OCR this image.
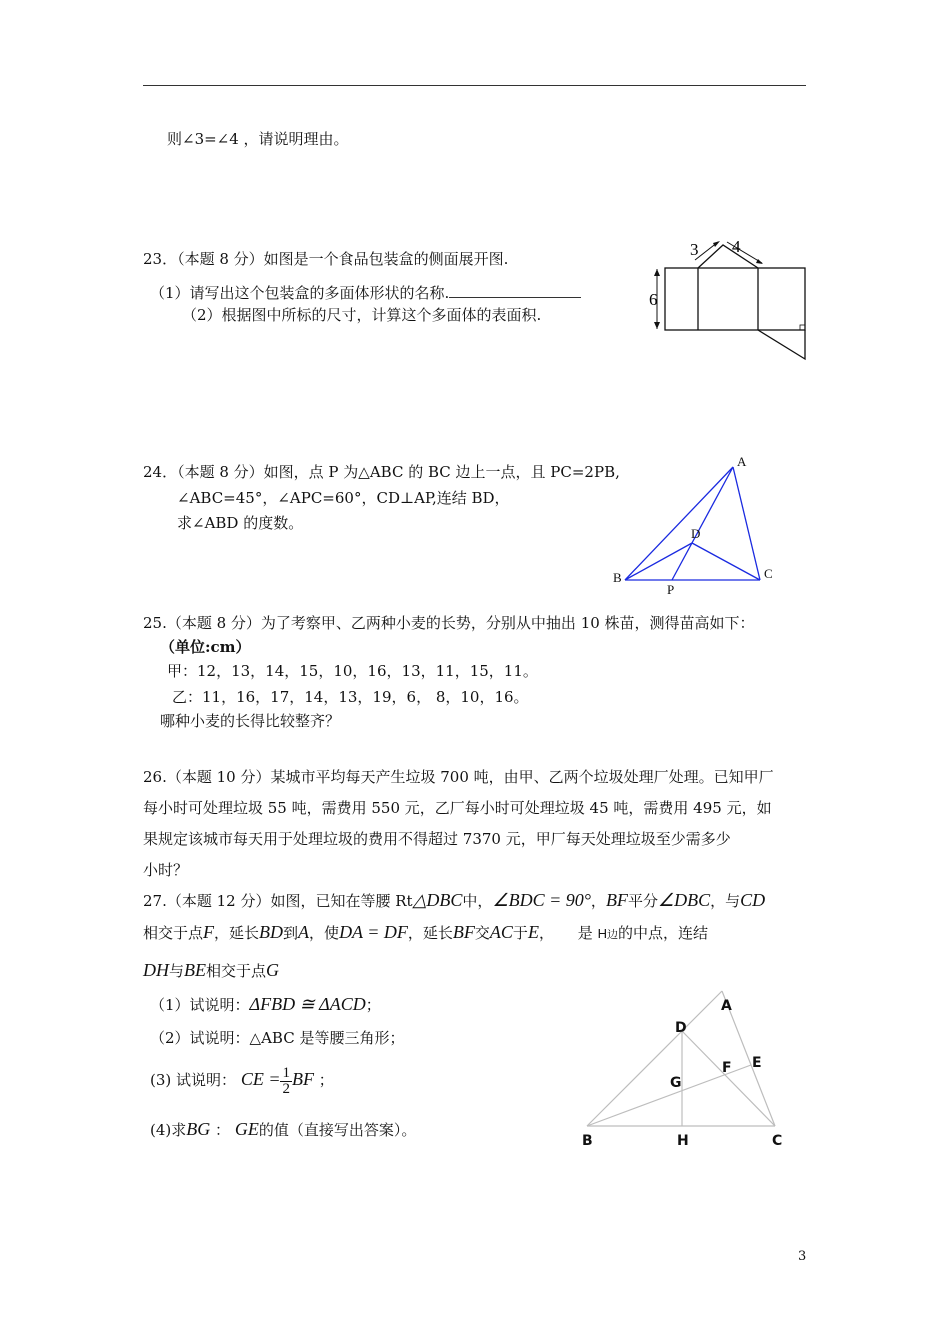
则∠3=∠4 ，请说明理由。
23．（本题 8 分）如图是一个食品包装盒的侧面展开图.
（1）请写出这个包装盒的多面体形状的名称.
（2）根据图中所标的尺寸，计算这个多面体的表面积.
3 4
6
24．（本题 8 分）如图，点 P 为△ABC 的 BC 边上一点，且 PC=2PB,
∠ABC=45°，∠APC=60°，CD⊥AP,连结 BD，
求∠ABD 的度数。
A
B	C
D
P
25.（本题 8 分）为了考察甲、乙两种小麦的长势，分别从中抽出 10 株苗，测得苗高如下：
（单位:cm）
甲：12，13，14，15，10，16，13，11，15，11。
乙：11，16，17，14，13，19，6， 8，10，16。
哪种小麦的长得比较整齐？
26.（本题 10 分）某城市平均每天产生垃圾 700 吨，由甲、乙两个垃圾处理厂处理。已知甲厂
每小时可处理垃圾 55 吨，需费用 550 元，乙厂每小时可处理垃圾 45 吨，需费用 495 元，如
果规定该城市每天用于处理垃圾的费用不得超过 7370 元，甲厂每天处理垃圾至少需多少
小时？
27.（本题 12 分）如图，已知在等腰 Rt△DBC中，∠BDC = 90°，BF平分∠DBC，与CD
相交于点F，延长BD到A，使DA = DF，延长BF交AC于E， 是 H边的中点，连结
DH与BE相交于点G
（1）试说明：ΔFBD ≅ ΔACD；
（2）试说明：△ABC 是等腰三角形；
(3) 试说明： CE = $\frac{1}{2}$ BF ；
(4)求BG ： GE的值（直接写出答案）。
A
D
E
F
G
B	H	C
3
